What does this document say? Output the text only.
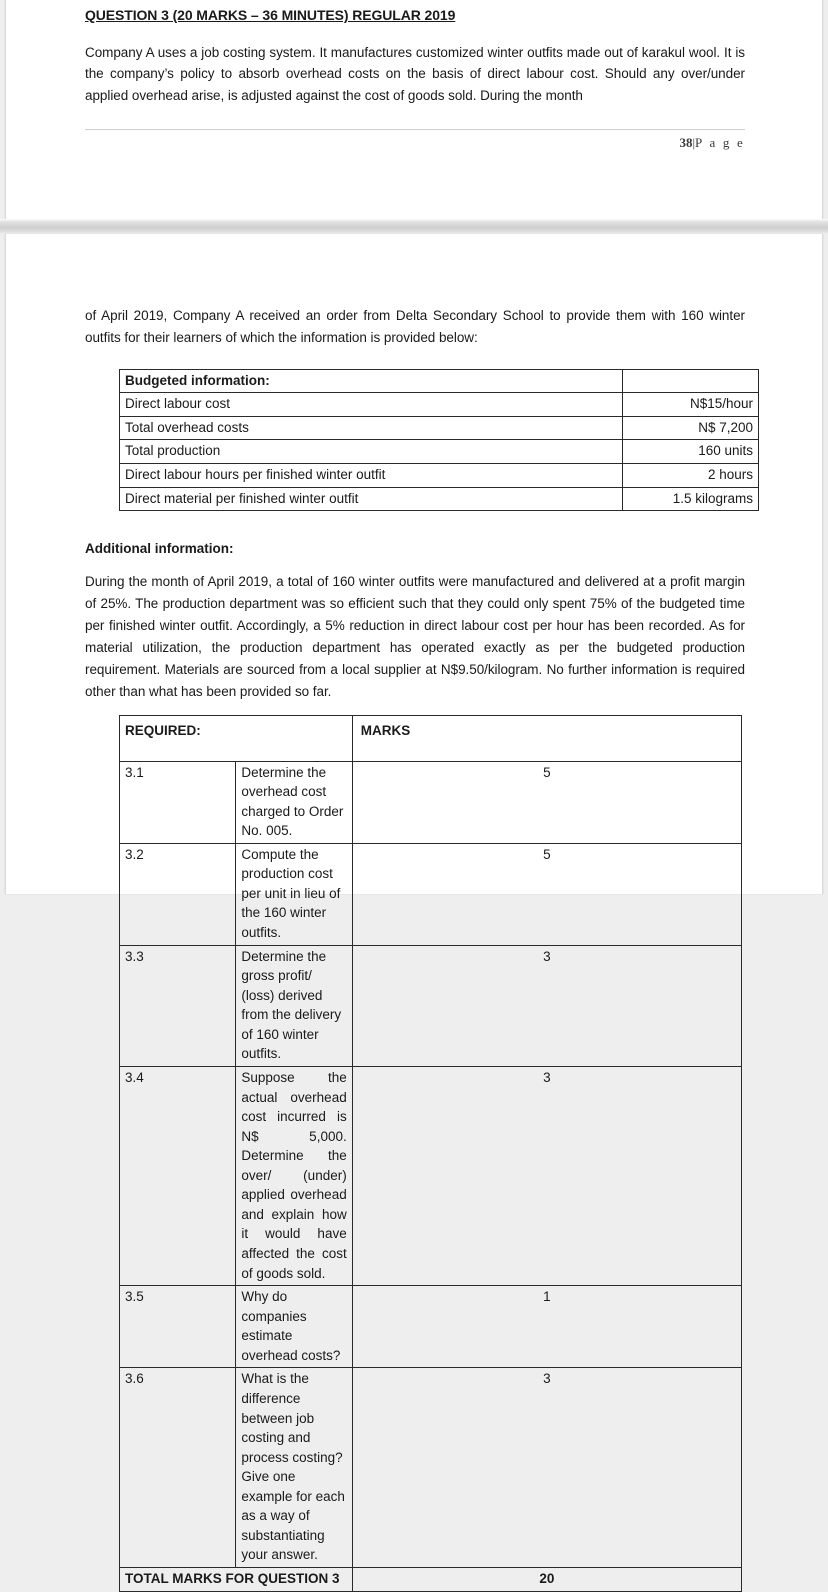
QUESTION 3 (20 MARKS – 36 MINUTES) REGULAR 2019

Company A uses a job costing system. It manufactures customized winter outfits made out of karakul wool. It is the company’s policy to absorb overhead costs on the basis of direct labour cost. Should any over/under applied overhead arise, is adjusted against the cost of goods sold. During the month

38|P a g e

of April 2019, Company A received an order from Delta Secondary School to provide them with 160 winter outfits for their learners of which the information is provided below:

Budgeted information:	
Direct labour cost	N$15/hour
Total overhead costs	N$ 7,200
Total production	160 units
Direct labour hours per finished winter outfit	2 hours
Direct material per finished winter outfit	1.5 kilograms
Additional information:

During the month of April 2019, a total of 160 winter outfits were manufactured and delivered at a profit margin of 25%. The production department was so efficient such that they could only spent 75% of the budgeted time per finished winter outfit. Accordingly, a 5% reduction in direct labour cost per hour has been recorded. As for material utilization, the production department has operated exactly as per the budgeted production requirement. Materials are sourced from a local supplier at N$9.50/kilogram. No further information is required other than what has been provided so far.

REQUIRED:		MARKS
3.1	Determine the overhead cost charged to Order No. 005.	5
3.2	Compute the production cost per unit in lieu of the 160 winter outfits.	5
3.3	Determine the gross profit/ (loss) derived from the delivery of 160 winter outfits.	3
3.4	Suppose the actual overhead cost incurred is N$ 5,000. Determine the over/ (under) applied overhead and explain how it would have affected the cost of goods sold.	3
3.5	Why do companies estimate overhead costs?	1
3.6	What is the difference between job costing and process costing? Give one example for each as a way of substantiating your answer.	3
TOTAL MARKS FOR QUESTION 3		20
